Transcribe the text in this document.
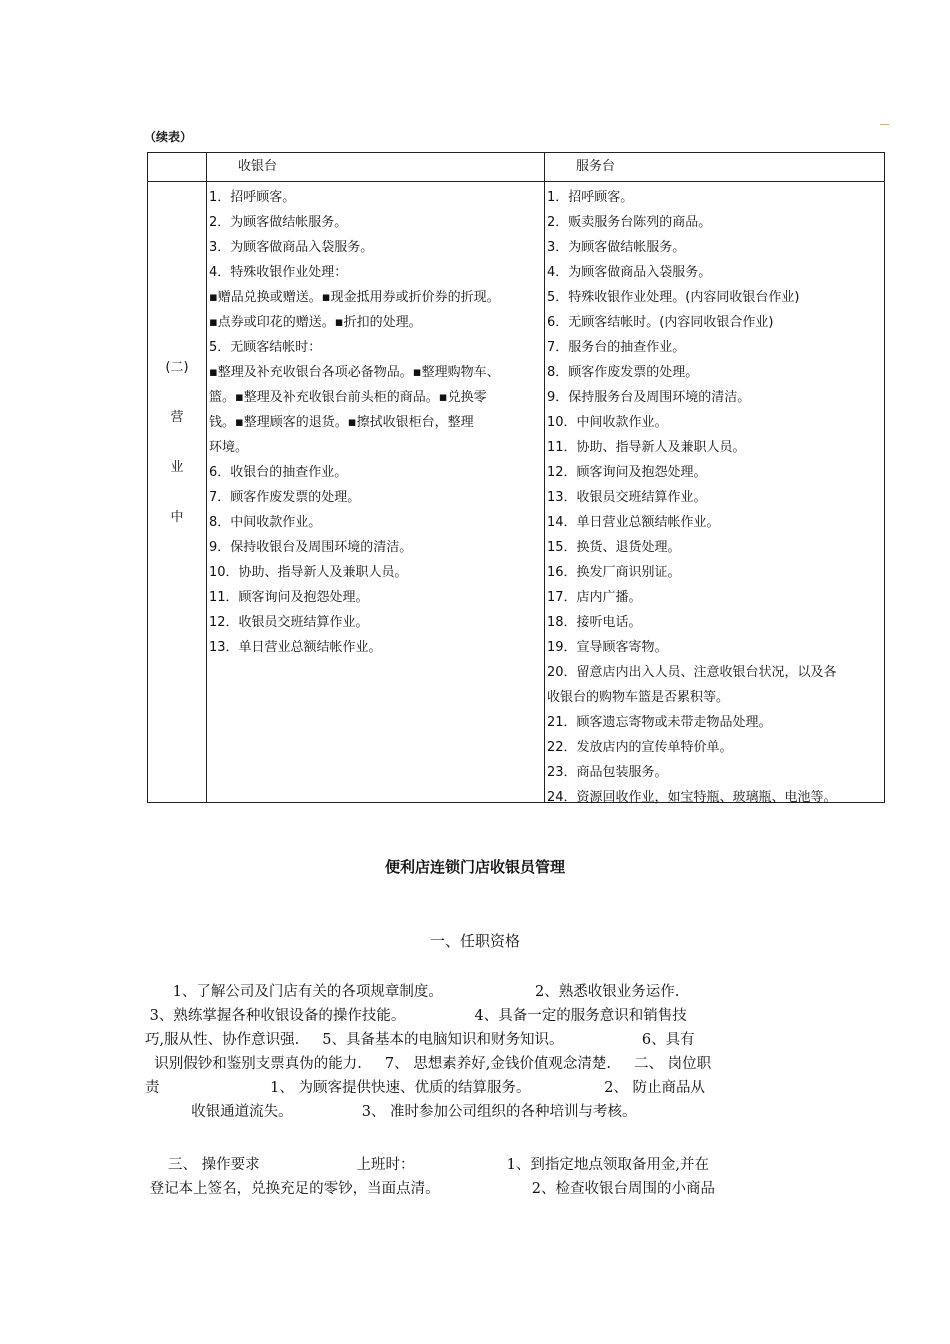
（续表）
收银台	服务台
(二)
营
业
中
1．招呼顾客。
2．为顾客做结帐服务。
3．为顾客做商品入袋服务。
4．特殊收银作业处理：
▪赠品兑换或赠送。▪现金抵用券或折价券的折现。
▪点券或印花的赠送。▪折扣的处理。
5．无顾客结帐时：
▪整理及补充收银台各项必备物品。▪整理购物车、
篮。▪整理及补充收银台前头柜的商品。▪兑换零
钱。▪整理顾客的退货。▪擦拭收银柜台，整理
环境。
6．收银台的抽查作业。
7．顾客作废发票的处理。
8．中间收款作业。
9．保持收银台及周围环境的清洁。
10．协助、指导新人及兼职人员。
11．顾客询问及抱怨处理。
12．收银员交班结算作业。
13．单日营业总额结帐作业。
1．招呼顾客。
2．贩卖服务台陈列的商品。
3．为顾客做结帐服务。
4．为顾客做商品入袋服务。
5．特殊收银作业处理。(内容同收银台作业)
6．无顾客结帐时。(内容同收银合作业)
7．服务台的抽查作业。
8．顾客作废发票的处理。
9．保持服务台及周围环境的清洁。
10．中间收款作业。
11．协助、指导新人及兼职人员。
12．顾客询问及抱怨处理。
13．收银员交班结算作业。
14．单日营业总额结帐作业。
15．换货、退货处理。
16．换发厂商识别证。
17．店内广播。
18．接听电话。
19．宣导顾客寄物。
20．留意店内出入人员、注意收银台状况，以及各
收银台的购物车篮是否累积等。
21．顾客遗忘寄物或未带走物品处理。
22．发放店内的宣传单特价单。
23．商品包装服务。
24．资源回收作业，如宝特瓶、玻璃瓶、电池等。
便利店连锁门店收银员管理
一、任职资格
1、了解公司及门店有关的各项规章制度。                    2、熟悉收银业务运作.
3、熟练掌握各种收银设备的操作技能。               4、具备一定的服务意识和销售技
巧,服从性、协作意识强.     5、具备基本的电脑知识和财务知识。                 6、具有
识别假钞和鉴别支票真伪的能力.     7、 思想素养好,金钱价值观念清楚.     二、 岗位职
责                        1、 为顾客提供快速、优质的结算服务。                2、 防止商品从
收银通道流失。               3、 准时参加公司组织的各种培训与考核。
三、 操作要求                     上班时：                    1、到指定地点领取备用金,并在
登记本上签名，兑换充足的零钞，当面点清。                    2、检查收银台周围的小商品
